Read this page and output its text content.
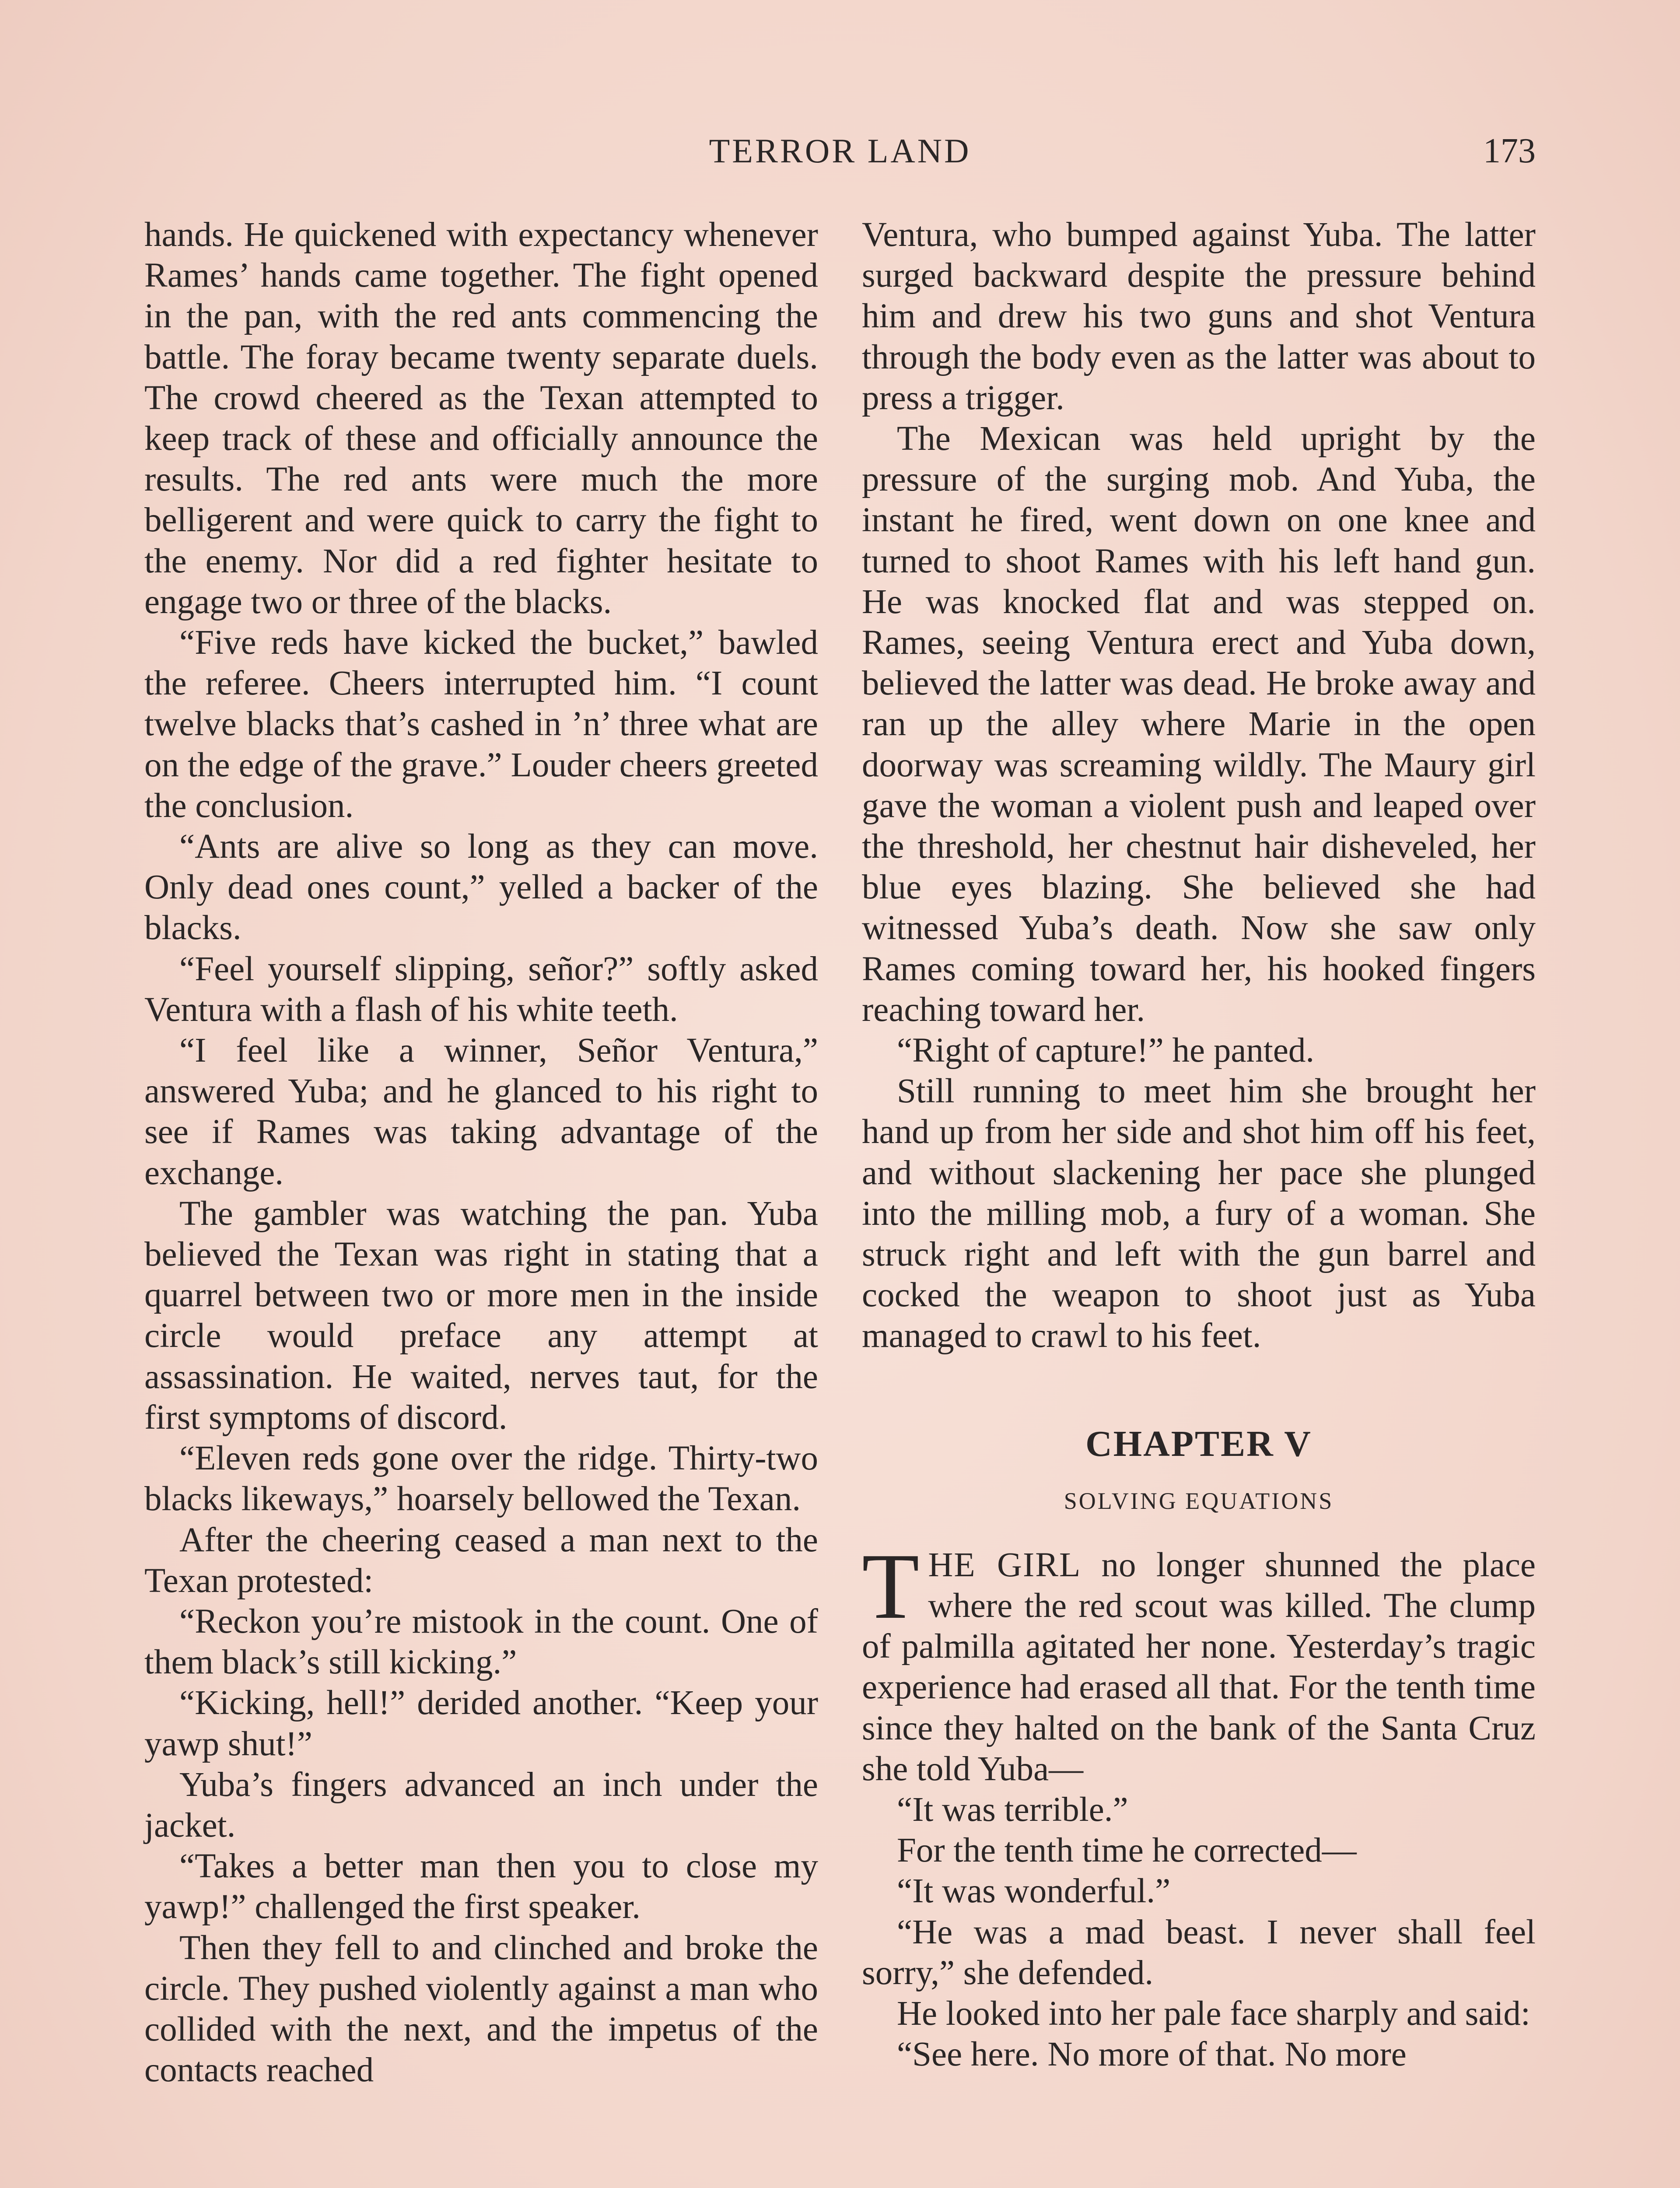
TERROR LAND	173

hands. He quickened with expectancy whenever Rames’ hands came together. The fight opened in the pan, with the red ants commencing the battle. The foray became twenty separate duels. The crowd cheered as the Texan attempted to keep track of these and officially announce the results. The red ants were much the more belligerent and were quick to carry the fight to the enemy. Nor did a red fighter hesitate to engage two or three of the blacks.

“Five reds have kicked the bucket,” bawled the referee. Cheers interrupted him. “I count twelve blacks that’s cashed in ’n’ three what are on the edge of the grave.” Louder cheers greeted the conclusion.

“Ants are alive so long as they can move. Only dead ones count,” yelled a backer of the blacks.

“Feel yourself slipping, señor?” softly asked Ventura with a flash of his white teeth.

“I feel like a winner, Señor Ventura,” answered Yuba; and he glanced to his right to see if Rames was taking advantage of the exchange.

The gambler was watching the pan. Yuba believed the Texan was right in stating that a quarrel between two or more men in the inside circle would preface any attempt at assassination. He waited, nerves taut, for the first symptoms of discord.

“Eleven reds gone over the ridge. Thirty-two blacks likeways,” hoarsely bellowed the Texan.

After the cheering ceased a man next to the Texan protested:

“Reckon you’re mistook in the count. One of them black’s still kicking.”

“Kicking, hell!” derided another. “Keep your yawp shut!”

Yuba’s fingers advanced an inch under the jacket.

“Takes a better man then you to close my yawp!” challenged the first speaker.

Then they fell to and clinched and broke the circle. They pushed violently against a man who collided with the next, and the impetus of the contacts reached

Ventura, who bumped against Yuba. The latter surged backward despite the pressure behind him and drew his two guns and shot Ventura through the body even as the latter was about to press a trigger.

The Mexican was held upright by the pressure of the surging mob. And Yuba, the instant he fired, went down on one knee and turned to shoot Rames with his left hand gun. He was knocked flat and was stepped on. Rames, seeing Ventura erect and Yuba down, believed the latter was dead. He broke away and ran up the alley where Marie in the open doorway was screaming wildly. The Maury girl gave the woman a violent push and leaped over the threshold, her chestnut hair disheveled, her blue eyes blazing. She believed she had witnessed Yuba’s death. Now she saw only Rames coming toward her, his hooked fingers reaching toward her.

“Right of capture!” he panted.

Still running to meet him she brought her hand up from her side and shot him off his feet, and without slackening her pace she plunged into the milling mob, a fury of a woman. She struck right and left with the gun barrel and cocked the weapon to shoot just as Yuba managed to crawl to his feet.

CHAPTER V
SOLVING EQUATIONS

THE GIRL no longer shunned the place where the red scout was killed. The clump of palmilla agitated her none. Yesterday’s tragic experience had erased all that. For the tenth time since they halted on the bank of the Santa Cruz she told Yuba—

“It was terrible.”

For the tenth time he corrected—

“It was wonderful.”

“He was a mad beast. I never shall feel sorry,” she defended.

He looked into her pale face sharply and said:

“See here. No more of that. No more
